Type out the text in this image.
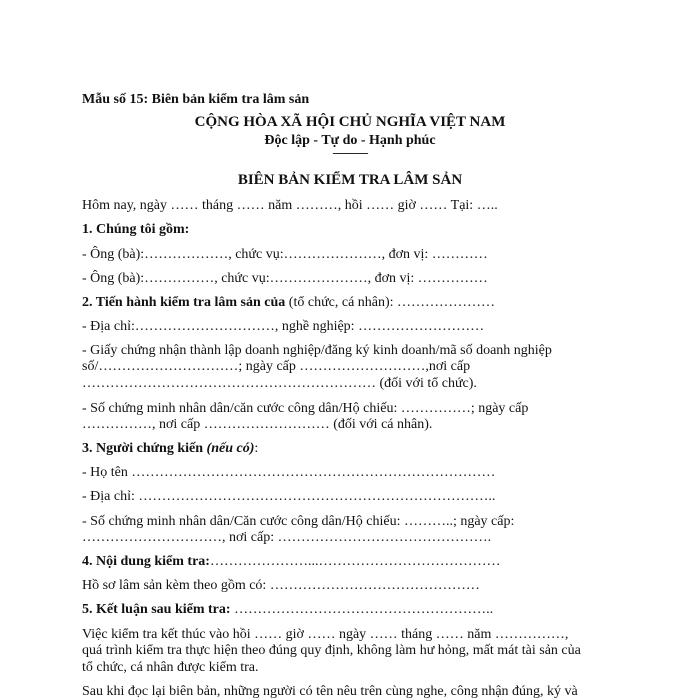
Mẫu số 15: Biên bản kiểm tra lâm sản
CỘNG HÒA XÃ HỘI CHỦ NGHĨA VIỆT NAM
Độc lập - Tự do - Hạnh phúc
---------------
BIÊN BẢN KIỂM TRA LÂM SẢN
Hôm nay, ngày …… tháng …… năm ………, hồi …… giờ …… Tại: …..
1. Chúng tôi gồm:
- Ông (bà):………………, chức vụ:…………………, đơn vị: …………
- Ông (bà):……………, chức vụ:…………………, đơn vị: ……………
2. Tiến hành kiểm tra lâm sản của (tổ chức, cá nhân): …………………
- Địa chỉ:…………………………, nghề nghiệp: ………………………
- Giấy chứng nhận thành lập doanh nghiệp/đăng ký kinh doanh/mã số doanh nghiệp
số/…………………………; ngày cấp ………………………,nơi cấp
……………………………………………………… (đối với tổ chức).
- Số chứng minh nhân dân/căn cước công dân/Hộ chiếu: ……………; ngày cấp
……………, nơi cấp ……………………… (đối với cá nhân).
3. Người chứng kiến (nếu có):
- Họ tên ……………………………………………………………………
- Địa chỉ: …………………………………………………………………..
- Số chứng minh nhân dân/Căn cước công dân/Hộ chiếu: ………..; ngày cấp:
…………………………, nơi cấp: ……………………………………….
4. Nội dung kiểm tra:…………………...…………………………………
Hồ sơ lâm sản kèm theo gồm có: ………………………………………
5. Kết luận sau kiểm tra: ………………………………………………..
Việc kiểm tra kết thúc vào hồi …… giờ …… ngày …… tháng …… năm ……………,
quá trình kiểm tra thực hiện theo đúng quy định, không làm hư hỏng, mất mát tài sản của
tổ chức, cá nhân được kiểm tra.
Sau khi đọc lại biên bản, những người có tên nêu trên cùng nghe, công nhận đúng, ký và
